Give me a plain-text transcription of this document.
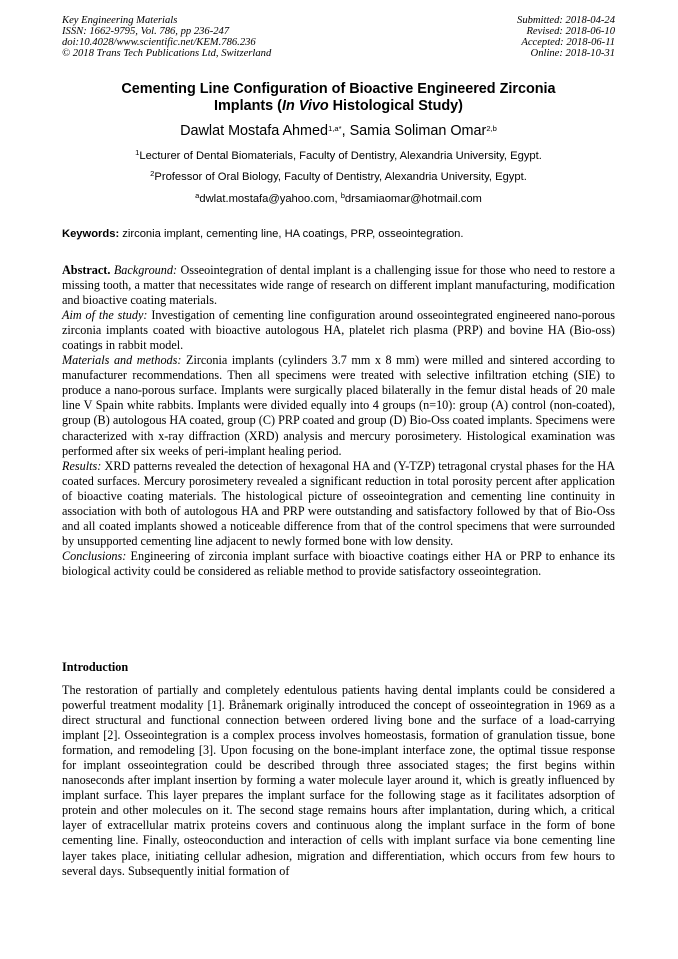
Key Engineering Materials
ISSN: 1662-9795, Vol. 786, pp 236-247
doi:10.4028/www.scientific.net/KEM.786.236
© 2018 Trans Tech Publications Ltd, Switzerland
Submitted: 2018-04-24
Revised: 2018-06-10
Accepted: 2018-06-11
Online: 2018-10-31
Cementing Line Configuration of Bioactive Engineered Zirconia
Implants (In Vivo Histological Study)
Dawlat Mostafa Ahmed$^{1,a*}$, Samia Soliman Omar$^{2,b}$
$^1$Lecturer of Dental Biomaterials, Faculty of Dentistry, Alexandria University, Egypt.
$^2$Professor of Oral Biology, Faculty of Dentistry, Alexandria University, Egypt.
$^a$dwlat.mostafa@yahoo.com, $^b$drsamiaomar@hotmail.com
Keywords: zirconia implant, cementing line, HA coatings, PRP, osseointegration.

Abstract. Background: Osseointegration of dental implant is a challenging issue for those who need to restore a missing tooth, a matter that necessitates wide range of research on different implant manufacturing, modification and bioactive coating materials.

Aim of the study: Investigation of cementing line configuration around osseointegrated engineered nano-porous zirconia implants coated with bioactive autologous HA, platelet rich plasma (PRP) and bovine HA (Bio-oss) coatings in rabbit model.

Materials and methods: Zirconia implants (cylinders 3.7 mm x 8 mm) were milled and sintered according to manufacturer recommendations. Then all specimens were treated with selective infiltration etching (SIE) to produce a nano-porous surface. Implants were surgically placed bilaterally in the femur distal heads of 20 male line V Spain white rabbits. Implants were divided equally into 4 groups (n=10): group (A) control (non-coated), group (B) autologous HA coated, group (C) PRP coated and group (D) Bio-Oss coated implants. Specimens were characterized with x-ray diffraction (XRD) analysis and mercury porosimetery. Histological examination was performed after six weeks of peri-implant healing period.

Results: XRD patterns revealed the detection of hexagonal HA and (Y-TZP) tetragonal crystal phases for the HA coated surfaces. Mercury porosimetery revealed a significant reduction in total porosity percent after application of bioactive coating materials. The histological picture of osseointegration and cementing line continuity in association with both of autologous HA and PRP were outstanding and satisfactory followed by that of Bio-Oss and all coated implants showed a noticeable difference from that of the control specimens that were surrounded by unsupported cementing line adjacent to newly formed bone with low density.

Conclusions: Engineering of zirconia implant surface with bioactive coatings either HA or PRP to enhance its biological activity could be considered as reliable method to provide satisfactory osseointegration.

Introduction

The restoration of partially and completely edentulous patients having dental implants could be considered a powerful treatment modality [1]. Brånemark originally introduced the concept of osseointegration in 1969 as a direct structural and functional connection between ordered living bone and the surface of a load-carrying implant [2]. Osseointegration is a complex process involves homeostasis, formation of granulation tissue, bone formation, and remodeling [3]. Upon focusing on the bone-implant interface zone, the optimal tissue response for implant osseointegration could be described through three associated stages; the first begins within nanoseconds after implant insertion by forming a water molecule layer around it, which is greatly influenced by implant surface. This layer prepares the implant surface for the following stage as it facilitates adsorption of protein and other molecules on it. The second stage remains hours after implantation, during which, a critical layer of extracellular matrix proteins covers and continuous along the implant surface in the form of bone cementing line. Finally, osteoconduction and interaction of cells with implant surface via bone cementing line layer takes place, initiating cellular adhesion, migration and differentiation, which occurs from few hours to several days. Subsequently initial formation of
